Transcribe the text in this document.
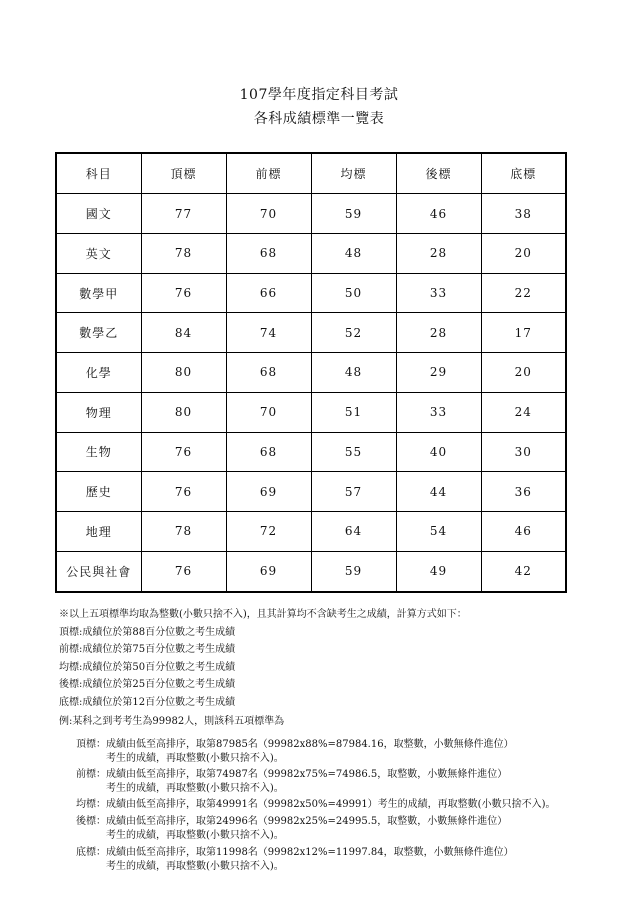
107學年度指定科目考試
各科成績標準一覽表
科目	頂標	前標	均標	後標	底標
國文	77	70	59	46	38
英文	78	68	48	28	20
數學甲	76	66	50	33	22
數學乙	84	74	52	28	17
化學	80	68	48	29	20
物理	80	70	51	33	24
生物	76	68	55	40	30
歷史	76	69	57	44	36
地理	78	72	64	54	46
公民與社會	76	69	59	49	42
※以上五項標準均取為整數(小數只捨不入)，且其計算均不含缺考生之成績，計算方式如下：
頂標:成績位於第88百分位數之考生成績
前標:成績位於第75百分位數之考生成績
均標:成績位於第50百分位數之考生成績
後標:成績位於第25百分位數之考生成績
底標:成績位於第12百分位數之考生成績
例:某科之到考考生為99982人，則該科五項標準為
頂標：成績由低至高排序，取第87985名（99982x88%=87984.16，取整數，小數無條件進位）
考生的成績，再取整數(小數只捨不入)。
前標：成績由低至高排序，取第74987名（99982x75%=74986.5，取整數，小數無條件進位）
考生的成績，再取整數(小數只捨不入)。
均標：成績由低至高排序，取第49991名（99982x50%=49991）考生的成績，再取整數(小數只捨不入)。
後標：成績由低至高排序，取第24996名（99982x25%=24995.5，取整數，小數無條件進位）
考生的成績，再取整數(小數只捨不入)。
底標：成績由低至高排序，取第11998名（99982x12%=11997.84，取整數，小數無條件進位）
考生的成績，再取整數(小數只捨不入)。
